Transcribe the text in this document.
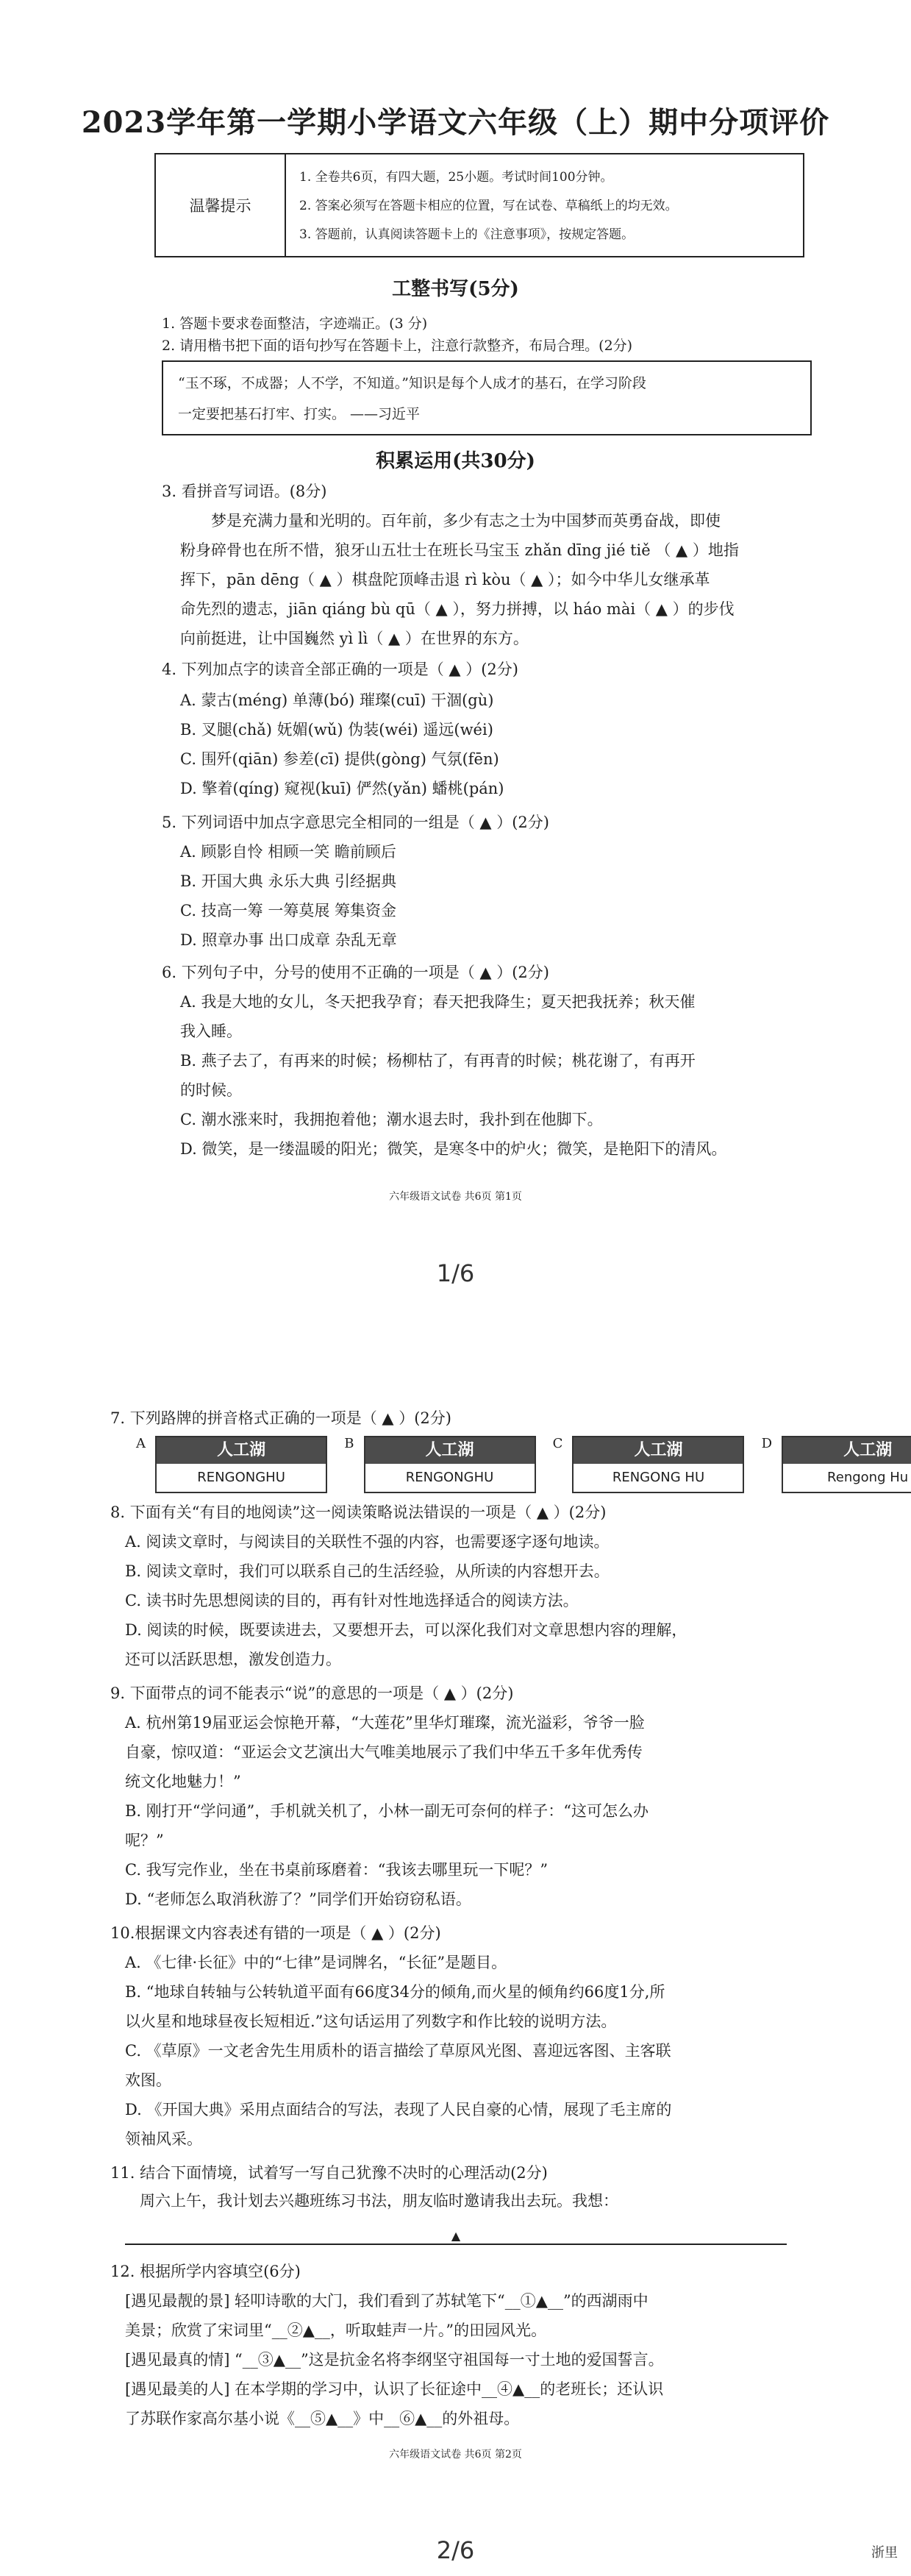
2023学年第一学期小学语文六年级（上）期中分项评价
温馨提示
1. 全卷共6页，有四大题，25小题。考试时间100分钟。
2. 答案必须写在答题卡相应的位置，写在试卷、草稿纸上的均无效。
3. 答题前，认真阅读答题卡上的《注意事项》，按规定答题。
工整书写(5分)
1. 答题卡要求卷面整洁，字迹端正。(3 分)
2. 请用楷书把下面的语句抄写在答题卡上，注意行款整齐，布局合理。(2分)
“玉不琢，不成器；人不学，不知道。”知识是每个人成才的基石，在学习阶段
一定要把基石打牢、打实。 ——习近平
积累运用(共30分)
3. 看拼音写词语。(8分)
梦是充满力量和光明的。百年前，多少有志之士为中国梦而英勇奋战，即使
粉身碎骨也在所不惜，狼牙山五壮士在班长马宝玉 zhǎn dīng jié tiě （ ▲ ）地指
挥下，pān dēng（ ▲ ）棋盘陀顶峰击退 rì kòu（ ▲ ）；如今中华儿女继承革
命先烈的遗志，jiān qiáng bù qū（ ▲ ），努力拼搏，以 háo mài（ ▲ ）的步伐
向前挺进，让中国巍然 yì lì（ ▲ ）在世界的东方。
4. 下列加点字的读音全部正确的一项是（ ▲ ）(2分)
A. 蒙古(méng) 单薄(bó) 璀璨(cuī) 干涸(gù)
B. 叉腿(chǎ) 妩媚(wǔ) 伪装(wéi) 遥远(wéi)
C. 围歼(qiān) 参差(cī) 提供(gòng) 气氛(fēn)
D. 擎着(qíng) 窥视(kuī) 俨然(yǎn) 蟠桃(pán)
5. 下列词语中加点字意思完全相同的一组是（ ▲ ）(2分)
A. 顾影自怜 相顾一笑 瞻前顾后
B. 开国大典 永乐大典 引经据典
C. 技高一筹 一筹莫展 筹集资金
D. 照章办事 出口成章 杂乱无章
6. 下列句子中，分号的使用不正确的一项是（ ▲ ）(2分)
A. 我是大地的女儿，冬天把我孕育；春天把我降生；夏天把我抚养；秋天催
我入睡。
B. 燕子去了，有再来的时候；杨柳枯了，有再青的时候；桃花谢了，有再开
的时候。
C. 潮水涨来时，我拥抱着他；潮水退去时，我扑到在他脚下。
D. 微笑，是一缕温暖的阳光；微笑，是寒冬中的炉火；微笑，是艳阳下的清风。
六年级语文试卷 共6页 第1页
1/6
7. 下列路牌的拼音格式正确的一项是（ ▲ ）(2分)
A	人工湖
RENGONGHU
B	人工湖
RENGONGHU
C	人工湖
RENGONG HU
D	人工湖
Rengong Hu
8. 下面有关“有目的地阅读”这一阅读策略说法错误的一项是（ ▲ ）(2分)
A. 阅读文章时，与阅读目的关联性不强的内容，也需要逐字逐句地读。
B. 阅读文章时，我们可以联系自己的生活经验，从所读的内容想开去。
C. 读书时先思想阅读的目的，再有针对性地选择适合的阅读方法。
D. 阅读的时候，既要读进去，又要想开去，可以深化我们对文章思想内容的理解，
还可以活跃思想，激发创造力。
9. 下面带点的词不能表示“说”的意思的一项是（ ▲ ）(2分)
A. 杭州第19届亚运会惊艳开幕，“大莲花”里华灯璀璨，流光溢彩，爷爷一脸
自豪，惊叹道：“亚运会文艺演出大气唯美地展示了我们中华五千多年优秀传
统文化地魅力！”
B. 刚打开“学问通”，手机就关机了，小林一副无可奈何的样子：“这可怎么办
呢？”
C. 我写完作业，坐在书桌前琢磨着：“我该去哪里玩一下呢？”
D. “老师怎么取消秋游了？”同学们开始窃窃私语。
10.根据课文内容表述有错的一项是（ ▲ ）(2分)
A. 《七律·长征》中的“七律”是词牌名，“长征”是题目。
B. “地球自转轴与公转轨道平面有66度34分的倾角,而火星的倾角约66度1分,所
以火星和地球昼夜长短相近.”这句话运用了列数字和作比较的说明方法。
C. 《草原》一文老舍先生用质朴的语言描绘了草原风光图、喜迎远客图、主客联
欢图。
D. 《开国大典》采用点面结合的写法，表现了人民自豪的心情，展现了毛主席的
领袖风采。
11. 结合下面情境，试着写一写自己犹豫不决时的心理活动(2分)
周六上午，我计划去兴趣班练习书法，朋友临时邀请我出去玩。我想：
▲
12. 根据所学内容填空(6分)
[遇见最靓的景] 轻叩诗歌的大门，我们看到了苏轼笔下“__①▲__”的西湖雨中
美景；欣赏了宋词里“__②▲__，听取蛙声一片。”的田园风光。
[遇见最真的情] “__③▲__”这是抗金名将李纲坚守祖国每一寸土地的爱国誓言。
[遇见最美的人] 在本学期的学习中，认识了长征途中__④▲__的老班长；还认识
了苏联作家高尔基小说《__⑤▲__》中__⑥▲__的外祖母。
六年级语文试卷 共6页 第2页
2/6	浙里
